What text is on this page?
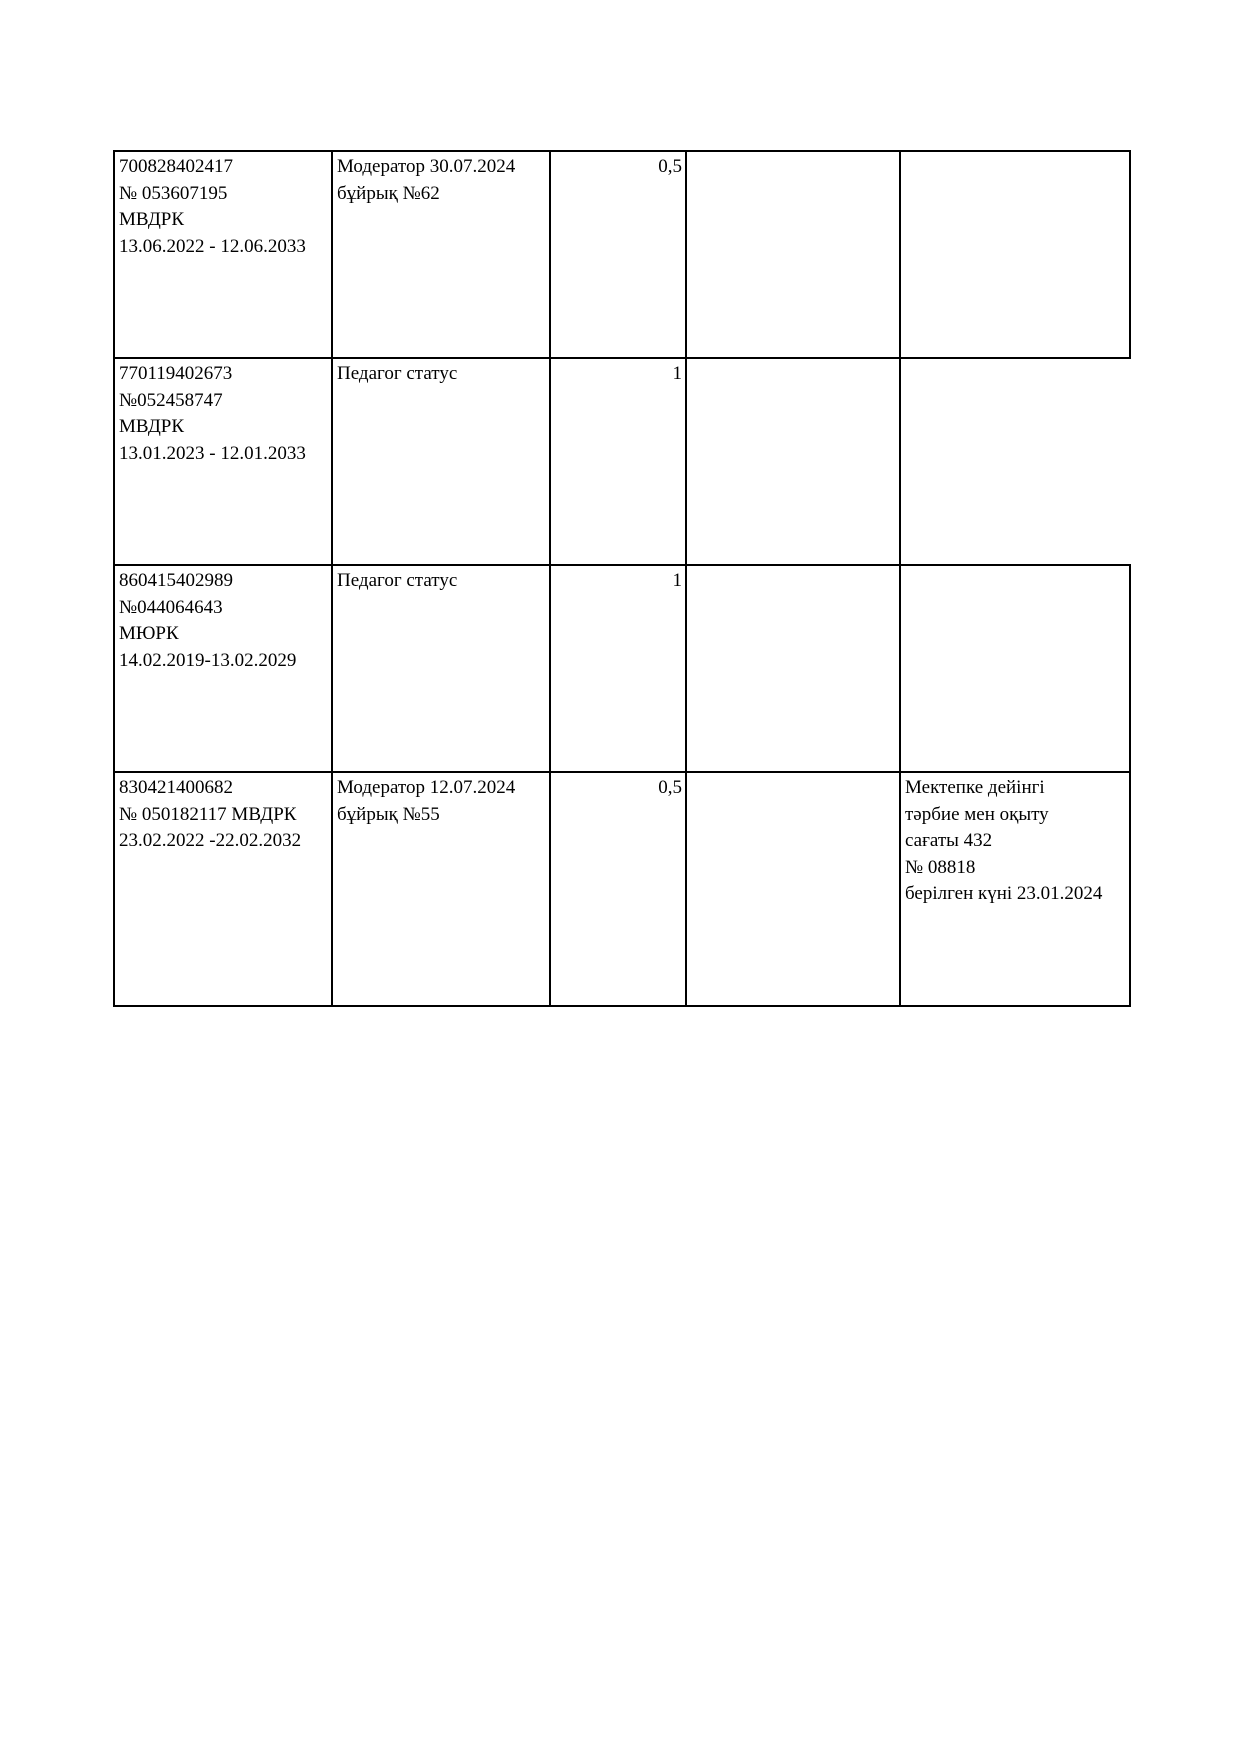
700828402417
№ 053607195
МВДРК
13.06.2022 - 12.06.2033	Модератор 30.07.2024
бұйрық №62	0,5		

770119402673
№052458747
МВДРК
13.01.2023 - 12.01.2033	Педагог статус	1		

860415402989
№044064643
МЮРК
14.02.2019-13.02.2029	Педагог статус	1		

830421400682
№ 050182117 МВДРК
23.02.2022 -22.02.2032	Модератор 12.07.2024
бұйрық №55	0,5		Мектепке дейінгі
тәрбие мен оқыту
сағаты 432
№ 08818
берілген күні 23.01.2024
